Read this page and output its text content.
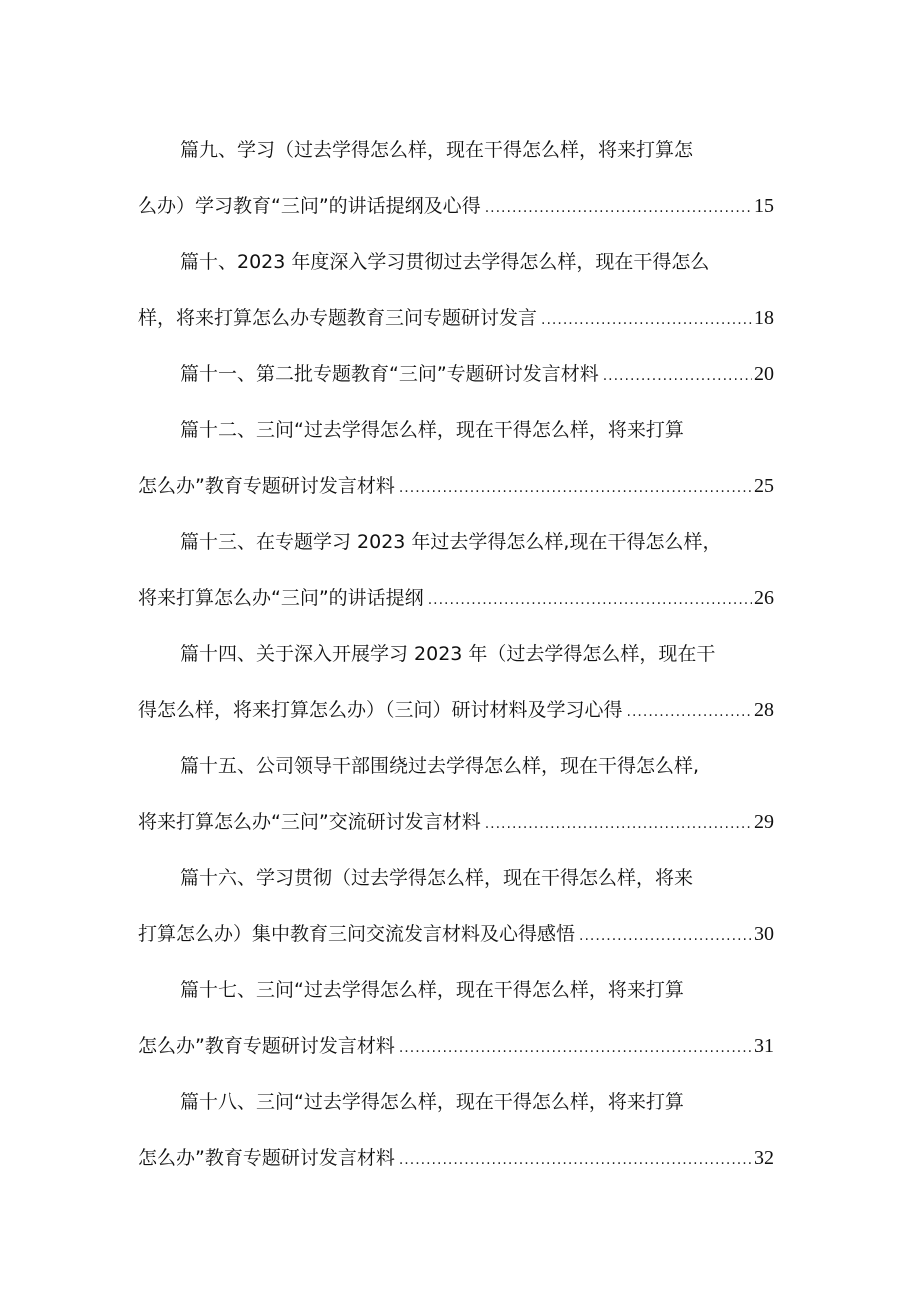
篇九、学习（过去学得怎么样，现在干得怎么样，将来打算怎
么办）学习教育“三问”的讲话提纲及心得 .....	15
篇十、2023 年度深入学习贯彻过去学得怎么样，现在干得怎么
样，将来打算怎么办专题教育三问专题研讨发言 .....	18
篇十一、第二批专题教育“三问”专题研讨发言材料 .....	20
篇十二、三问“过去学得怎么样，现在干得怎么样，将来打算
怎么办”教育专题研讨发言材料 .....	25
篇十三、在专题学习 2023 年过去学得怎么样,现在干得怎么样，
将来打算怎么办“三问”的讲话提纲 .....	26
篇十四、关于深入开展学习 2023 年（过去学得怎么样，现在干
得怎么样，将来打算怎么办）（三问）研讨材料及学习心得 .....	28
篇十五、公司领导干部围绕过去学得怎么样，现在干得怎么样,
将来打算怎么办“三问”交流研讨发言材料 .....	29
篇十六、学习贯彻（过去学得怎么样，现在干得怎么样，将来
打算怎么办）集中教育三问交流发言材料及心得感悟 .....	30
篇十七、三问“过去学得怎么样，现在干得怎么样，将来打算
怎么办”教育专题研讨发言材料 .....	31
篇十八、三问“过去学得怎么样，现在干得怎么样，将来打算
怎么办”教育专题研讨发言材料 .....	32
